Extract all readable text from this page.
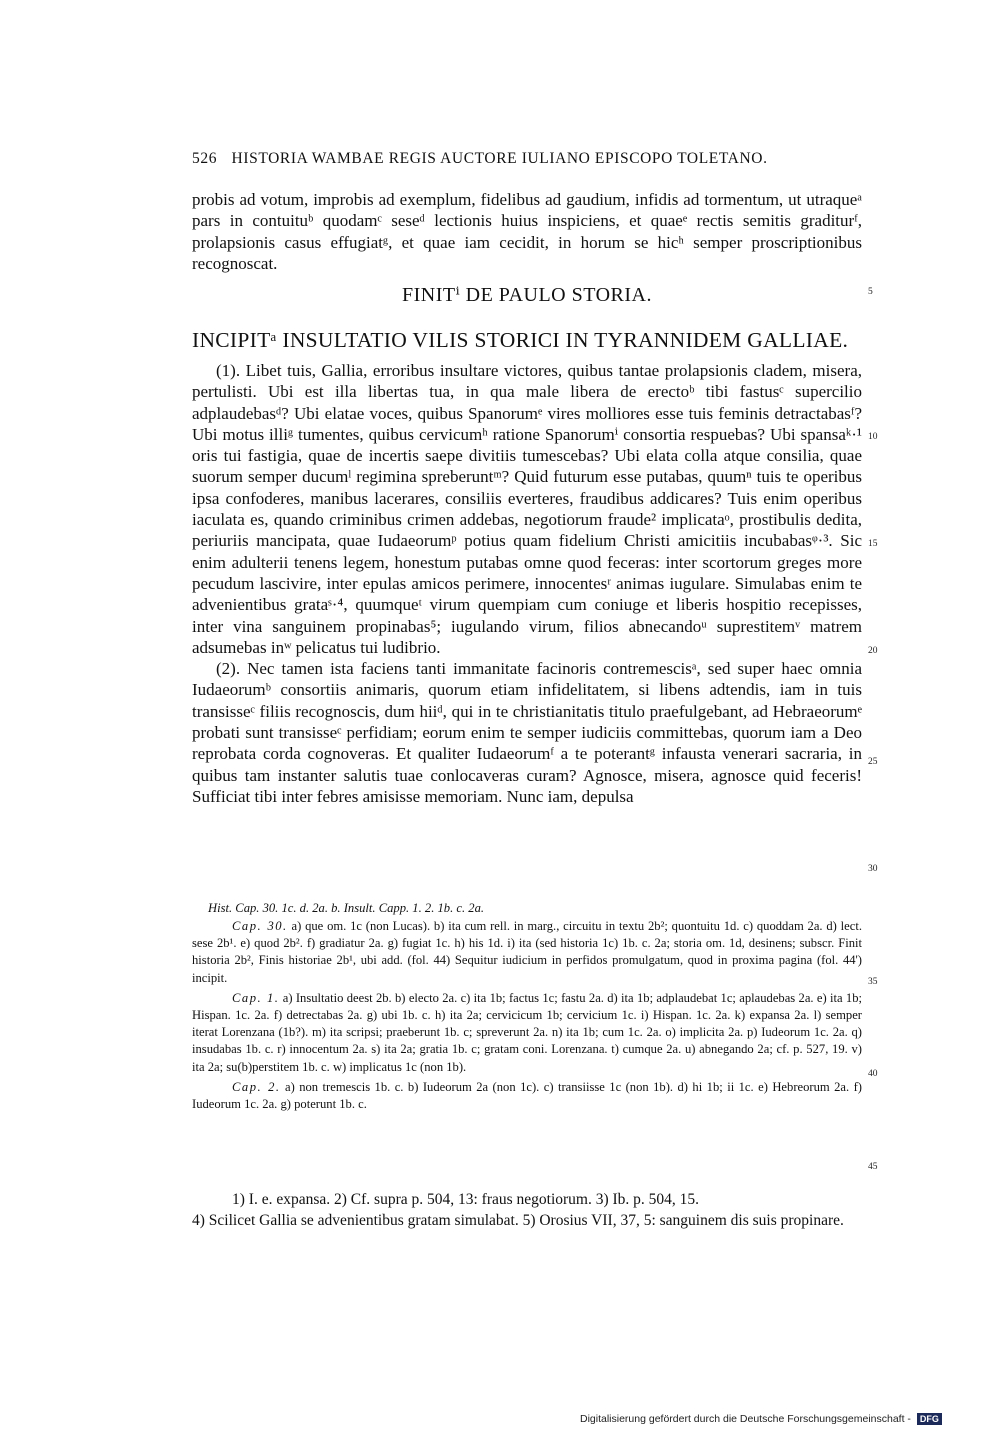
526 HISTORIA WAMBAE REGIS AUCTORE IULIANO EPISCOPO TOLETANO.

probis ad votum, improbis ad exemplum, fidelibus ad gaudium, infidis ad tormentum, ut utraqueᵃ pars in contuituᵇ quodamᶜ seseᵈ lectionis huius inspiciens, et quaeᵉ rectis semitis graditurᶠ, prolapsionis casus effugiatᵍ, et quae iam cecidit, in horum se hicʰ semper proscriptionibus recognoscat.

FINITⁱ DE PAULO STORIA.
INCIPITᵃ INSULTATIO VILIS STORICI IN TYRANNIDEM GALLIAE.

(1). Libet tuis, Gallia, erroribus insultare victores, quibus tantae prolapsionis cladem, misera, pertulisti. Ubi est illa libertas tua, in qua male libera de erectoᵇ tibi fastusᶜ supercilio adplaudebasᵈ? Ubi elatae voces, quibus Spanorumᵉ vires molliores esse tuis feminis detractabasᶠ? Ubi motus illiᵍ tumentes, quibus cervicumʰ ratione Spanorumⁱ consortia respuebas? Ubi spansaᵏ·¹ oris tui fastigia, quae de incertis saepe divitiis tumescebas? Ubi elata colla atque consilia, quae suorum semper ducumˡ regimina spreberuntᵐ? Quid futurum esse putabas, quumⁿ tuis te operibus ipsa confoderes, manibus lacerares, consiliis everteres, fraudibus addicares? Tuis enim operibus iaculata es, quando criminibus crimen addebas, negotiorum fraude² implicataᵒ, prostibulis dedita, periuriis mancipata, quae Iudaeorumᵖ potius quam fidelium Christi amicitiis incubabasᵠ·³. Sic enim adulterii tenens legem, honestum putabas omne quod feceras: inter scortorum greges more pecudum lascivire, inter epulas amicos perimere, innocentesʳ animas iugulare. Simulabas enim te advenientibus grataˢ·⁴, quumqueᵗ virum quempiam cum coniuge et liberis hospitio recepisses, inter vina sanguinem propinabas⁵; iugulando virum, filios abnecandoᵘ suprestitemᵛ matrem adsumebas inʷ pelicatus tui ludibrio.

(2). Nec tamen ista faciens tanti immanitate facinoris contremescisᵃ, sed super haec omnia Iudaeorumᵇ consortiis animaris, quorum etiam infidelitatem, si libens adtendis, iam in tuis transisseᶜ filiis recognoscis, dum hiiᵈ, qui in te christianitatis titulo praefulgebant, ad Hebraeorumᵉ probati sunt transisseᶜ perfidiam; eorum enim te semper iudiciis committebas, quorum iam a Deo reprobata corda cognoveras. Et qualiter Iudaeorumᶠ a te poterantᵍ infausta venerari sacraria, in quibus tam instanter salutis tuae conlocaveras curam? Agnosce, misera, agnosce quid feceris! Sufficiat tibi inter febres amisisse memoriam. Nunc iam, depulsa

5
10
15
20
25
30
35
40
45
Hist. Cap. 30. 1c. d. 2a. b. Insult. Capp. 1. 2. 1b. c. 2a.

Cap. 30. a) que om. 1c (non Lucas). b) ita cum rell. in marg., circuitu in textu 2b²; quontuitu 1d. c) quoddam 2a. d) lect. sese 2b¹. e) quod 2b². f) gradiatur 2a. g) fugiat 1c. h) his 1d. i) ita (sed historia 1c) 1b. c. 2a; storia om. 1d, desinens; subscr. Finit historia 2b², Finis historiae 2b¹, ubi add. (fol. 44) Sequitur iudicium in perfidos promulgatum, quod in proxima pagina (fol. 44') incipit.

Cap. 1. a) Insultatio deest 2b. b) electo 2a. c) ita 1b; factus 1c; fastu 2a. d) ita 1b; adplaudebat 1c; aplaudebas 2a. e) ita 1b; Hispan. 1c. 2a. f) detrectabas 2a. g) ubi 1b. c. h) ita 2a; cervicicum 1b; cervicium 1c. i) Hispan. 1c. 2a. k) expansa 2a. l) semper iterat Lorenzana (1b?). m) ita scripsi; praeberunt 1b. c; spreverunt 2a. n) ita 1b; cum 1c. 2a. o) implicita 2a. p) Iudeorum 1c. 2a. q) insudabas 1b. c. r) innocentum 2a. s) ita 2a; gratia 1b. c; gratam coni. Lorenzana. t) cumque 2a. u) abnegando 2a; cf. p. 527, 19. v) ita 2a; su(b)perstitem 1b. c. w) implicatus 1c (non 1b).

Cap. 2. a) non tremescis 1b. c. b) Iudeorum 2a (non 1c). c) transiisse 1c (non 1b). d) hi 1b; ii 1c. e) Hebreorum 2a. f) Iudeorum 1c. 2a. g) poterunt 1b. c.

1) I. e. expansa. 2) Cf. supra p. 504, 13: fraus negotiorum. 3) Ib. p. 504, 15.

4) Scilicet Gallia se advenientibus gratam simulabat. 5) Orosius VII, 37, 5: sanguinem dis suis propinare.

Digitalisierung gefördert durch die Deutsche Forschungsgemeinschaft - DFG
